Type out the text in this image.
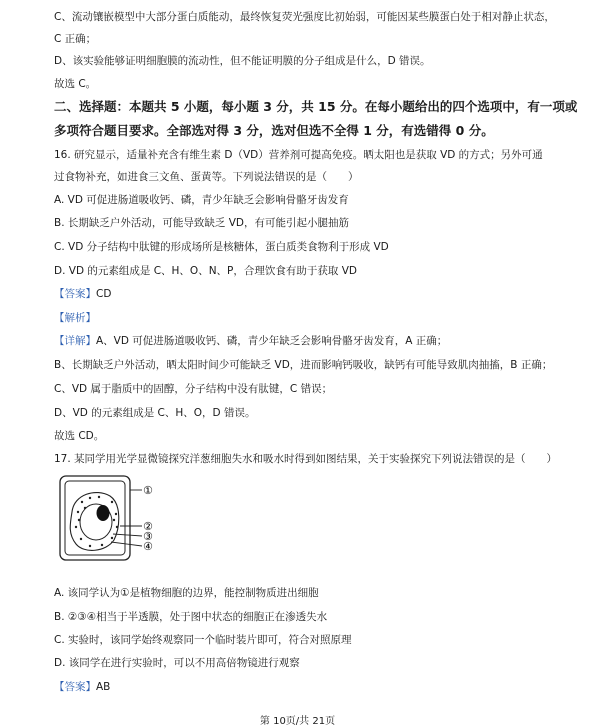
C、流动镶嵌模型中大部分蛋白质能动，最终恢复荧光强度比初始弱，可能因某些膜蛋白处于相对静止状态，
C 正确；
D、该实验能够证明细胞膜的流动性，但不能证明膜的分子组成是什么，D 错误。
故选 C。
二、选择题：本题共 5 小题，每小题 3 分，共 15 分。在每小题给出的四个选项中，有一项或
多项符合题目要求。全部选对得 3 分，选对但选不全得 1 分，有选错得 0 分。
16. 研究显示，适量补充含有维生素 D（VD）营养剂可提高免疫。晒太阳也是获取 VD 的方式；另外可通
过食物补充，如进食三文鱼、蛋黄等。下列说法错误的是（　　）
A. VD 可促进肠道吸收钙、磷，青少年缺乏会影响骨骼牙齿发育
B. 长期缺乏户外活动，可能导致缺乏 VD，有可能引起小腿抽筋
C. VD 分子结构中肽键的形成场所是核糖体，蛋白质类食物利于形成 VD
D. VD 的元素组成是 C、H、O、N、P，合理饮食有助于获取 VD
【答案】CD
【解析】
【详解】A、VD 可促进肠道吸收钙、磷，青少年缺乏会影响骨骼牙齿发育，A 正确；
B、长期缺乏户外活动，晒太阳时间少可能缺乏 VD，进而影响钙吸收，缺钙有可能导致肌肉抽搐，B 正确；
C、VD 属于脂质中的固醇，分子结构中没有肽键，C 错误；
D、VD 的元素组成是 C、H、O，D 错误。
故选 CD。
17. 某同学用光学显微镜探究洋葱细胞失水和吸水时得到如图结果，关于实验探究下列说法错误的是（　　）
①
②
③
④
A. 该同学认为①是植物细胞的边界，能控制物质进出细胞
B. ②③④相当于半透膜，处于图中状态的细胞正在渗透失水
C. 实验时，该同学始终观察同一个临时装片即可，符合对照原理
D. 该同学在进行实验时，可以不用高倍物镜进行观察
【答案】AB
第 10页/共 21页
